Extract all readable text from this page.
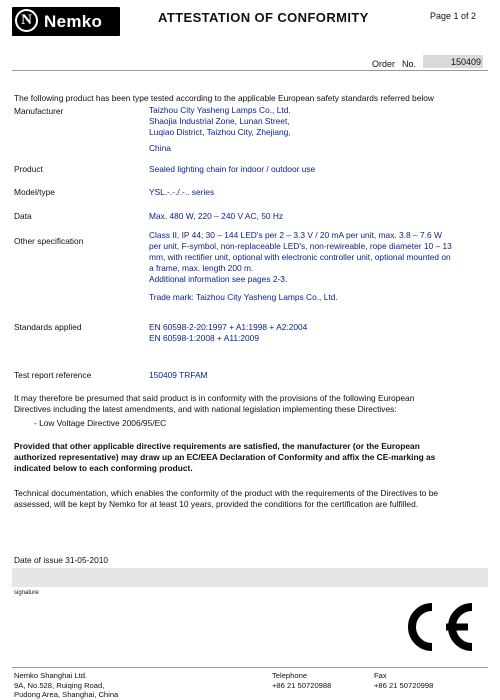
N Nemko	ATTESTATION OF CONFORMITY	Page 1 of 2
Order No.	150409
The following product has been type tested according to the applicable European safety standards referred below
Manufacturer	Taizhou City Yasheng Lamps Co., Ltd.
Shaojia Industrial Zone, Lunan Street,
Luqiao District, Taizhou City, Zhejiang,
China
Product	Sealed lighting chain for indoor / outdoor use
Model/type	YSL.-.-./.-.. series
Data	Max. 480 W, 220 – 240 V AC, 50 Hz
Other specification
Class II, IP 44; 30 – 144 LED's per 2 – 3.3 V / 20 mA per unit, max. 3.8 – 7.6 W
per unit, F-symbol, non-replaceable LED's, non-rewireable, rope diameter 10 – 13
mm, with rectifier unit, optional with electronic controller unit, optional mounted on
a frame, max. length 200 m.
Additional information see pages 2-3.
Trade mark: Taizhou City Yasheng Lamps Co., Ltd.
Standards applied	EN 60598-2-20:1997 + A1:1998 + A2:2004
EN 60598-1:2008 + A11:2009
Test report reference	150409 TRFAM
It may therefore be presumed that said product is in conformity with the provisions of the following European
Directives including the latest amendments, and with national legislation implementing these Directives:
- Low Voltage Directive 2006/95/EC
Provided that other applicable directive requirements are satisfied, the manufacturer (or the European
authorized representative) may draw up an EC/EEA Declaration of Conformity and affix the CE-marking as
indicated below to each conforming product.
Technical documentation, which enables the conformity of the product with the requirements of the Directives to be
assessed, will be kept by Nemko for at least 10 years, provided the conditions for the certification are fulfilled.
Date of issue 31-05-2010
signature
Nemko Shanghai Ltd.
9A, No.528, Ruiqing Road,
Pudong Area, Shanghai, China
Telephone
+86 21 50720988
Fax
+86 21 50720998
